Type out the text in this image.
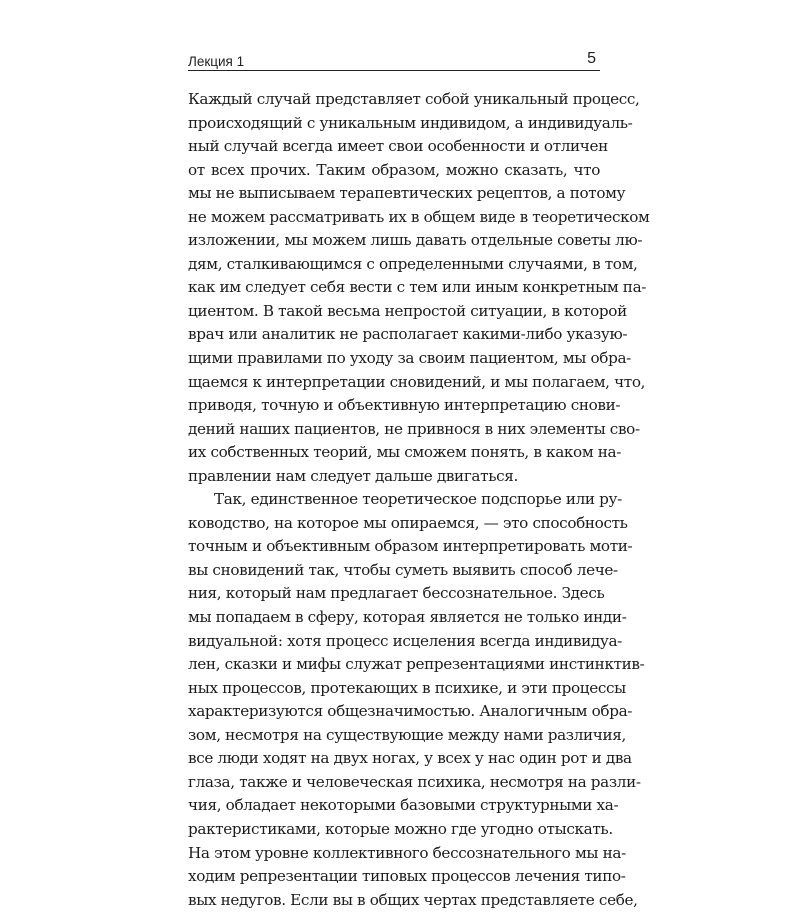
Лекция 1	5
Каждый случай представляет собой уникальный процесс,
происходящий с уникальным индивидом, а индивидуаль-
ный случай всегда имеет свои особенности и отличен
от всех прочих. Таким образом, можно сказать, что
мы не выписываем терапевтических рецептов, а потому
не можем рассматривать их в общем виде в теоретическом
изложении, мы можем лишь давать отдельные советы лю-
дям, сталкивающимся с определенными случаями, в том,
как им следует себя вести с тем или иным конкретным па-
циентом. В такой весьма непростой ситуации, в которой
врач или аналитик не располагает какими-либо указую-
щими правилами по уходу за своим пациентом, мы обра-
щаемся к интерпретации сновидений, и мы полагаем, что,
приводя, точную и объективную интерпретацию снови-
дений наших пациентов, не привнося в них элементы сво-
их собственных теорий, мы сможем понять, в каком на-
правлении нам следует дальше двигаться.
Так, единственное теоретическое подспорье или ру-
ководство, на которое мы опираемся, — это способность
точным и объективным образом интерпретировать моти-
вы сновидений так, чтобы суметь выявить способ лече-
ния, который нам предлагает бессознательное. Здесь
мы попадаем в сферу, которая является не только инди-
видуальной: хотя процесс исцеления всегда индивидуа-
лен, сказки и мифы служат репрезентациями инстинктив-
ных процессов, протекающих в психике, и эти процессы
характеризуются общезначимостью. Аналогичным обра-
зом, несмотря на существующие между нами различия,
все люди ходят на двух ногах, у всех у нас один рот и два
глаза, также и человеческая психика, несмотря на разли-
чия, обладает некоторыми базовыми структурными ха-
рактеристиками, которые можно где угодно отыскать.
На этом уровне коллективного бессознательного мы на-
ходим репрезентации типовых процессов лечения типо-
вых недугов. Если вы в общих чертах представляете себе,
